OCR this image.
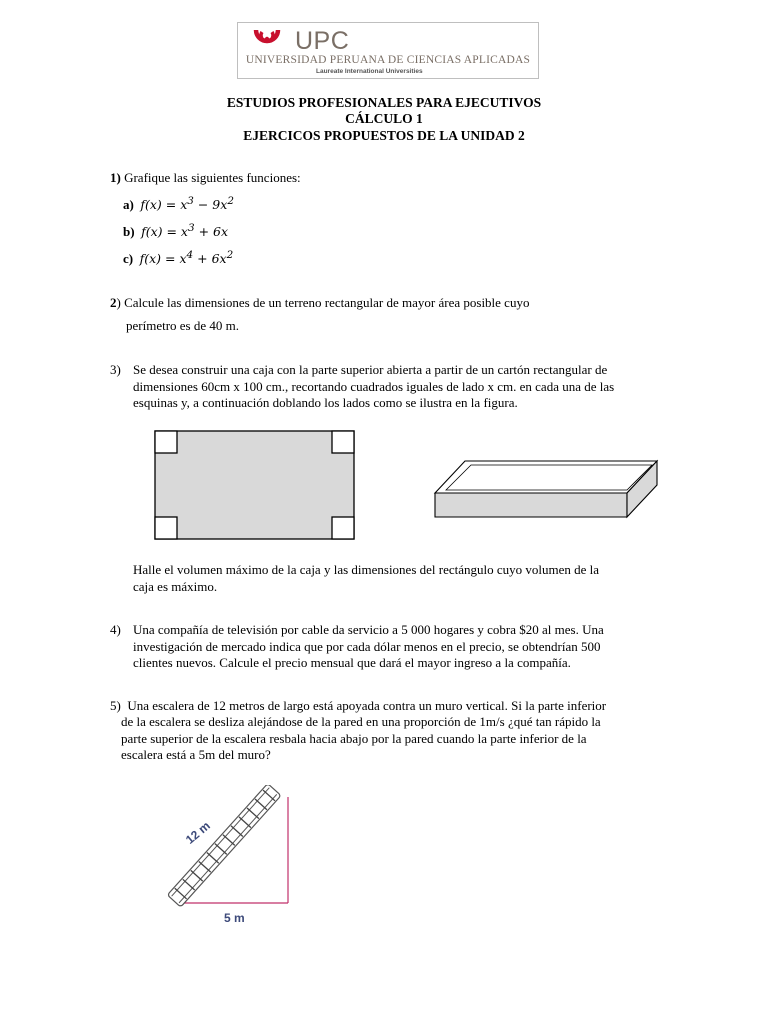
UPC
UNIVERSIDAD PERUANA DE CIENCIAS APLICADAS
Laureate International Universities
ESTUDIOS PROFESIONALES PARA EJECUTIVOS
CÁLCULO 1
EJERCICOS PROPUESTOS DE LA UNIDAD 2
1) Grafique las siguientes funciones:
a) $f(x) = x^3 - 9x^2$
b) $f(x) = x^3 + 6x$
c) $f(x) = x^4 + 6x^2$
2) Calcule las dimensiones de un terreno rectangular de mayor área posible cuyo
perímetro es de 40 m.
3) Se desea construir una caja con la parte superior abierta a partir de un cartón rectangular de
dimensiones 60cm x 100 cm., recortando cuadrados iguales de lado x cm. en cada una de las
esquinas y, a continuación doblando los lados como se ilustra en la figura.
Halle el volumen máximo de la caja y las dimensiones del rectángulo cuyo volumen de la
caja es máximo.
4) Una compañía de televisión por cable da servicio a 5 000 hogares y cobra $20 al mes. Una
investigación de mercado indica que por cada dólar menos en el precio, se obtendrían 500
clientes nuevos. Calcule el precio mensual que dará el mayor ingreso a la compañía.
5) Una escalera de 12 metros de largo está apoyada contra un muro vertical. Si la parte inferior
de la escalera se desliza alejándose de la pared en una proporción de 1m/s ¿qué tan rápido la
parte superior de la escalera resbala hacia abajo por la pared cuando la parte inferior de la
escalera está a 5m del muro?
12 m
5 m
